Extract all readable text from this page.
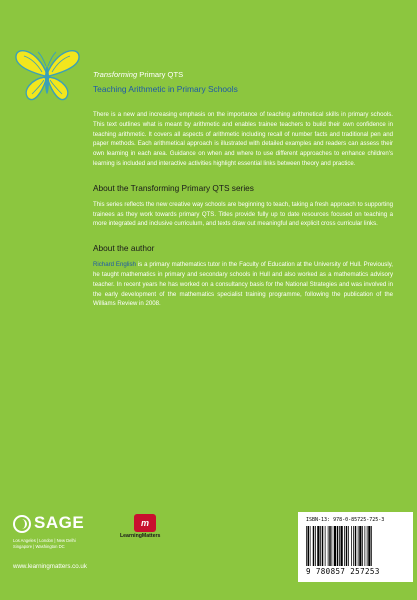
Transforming Primary QTS
Teaching Arithmetic in Primary Schools

There is a new and increasing emphasis on the importance of teaching arithmetical skills in primary schools. This text outlines what is meant by arithmetic and enables trainee teachers to build their own confidence in teaching arithmetic. It covers all aspects of arithmetic including recall of number facts and traditional pen and paper methods. Each arithmetical approach is illustrated with detailed examples and readers can assess their own learning in each area. Guidance on when and where to use different approaches to enhance children's learning is included and interactive activities highlight essential links between theory and practice.

About the Transforming Primary QTS series

This series reflects the new creative way schools are beginning to teach, taking a fresh approach to supporting trainees as they work towards primary QTS. Titles provide fully up to date resources focused on teaching a more integrated and inclusive curriculum, and texts draw out meaningful and explicit cross curricular links.

About the author

Richard English is a primary mathematics tutor in the Faculty of Education at the University of Hull. Previously, he taught mathematics in primary and secondary schools in Hull and also worked as a mathematics advisory teacher. In recent years he has worked on a consultancy basis for the National Strategies and was involved in the early development of the mathematics specialist training programme, following the publication of the Williams Review in 2008.

SAGE	m
LearningMatters
Los Angeles | London | New Delhi Singapore | Washington DC
www.learningmatters.co.uk
ISBN-13: 978-0-85725-725-3
9 780857 257253
